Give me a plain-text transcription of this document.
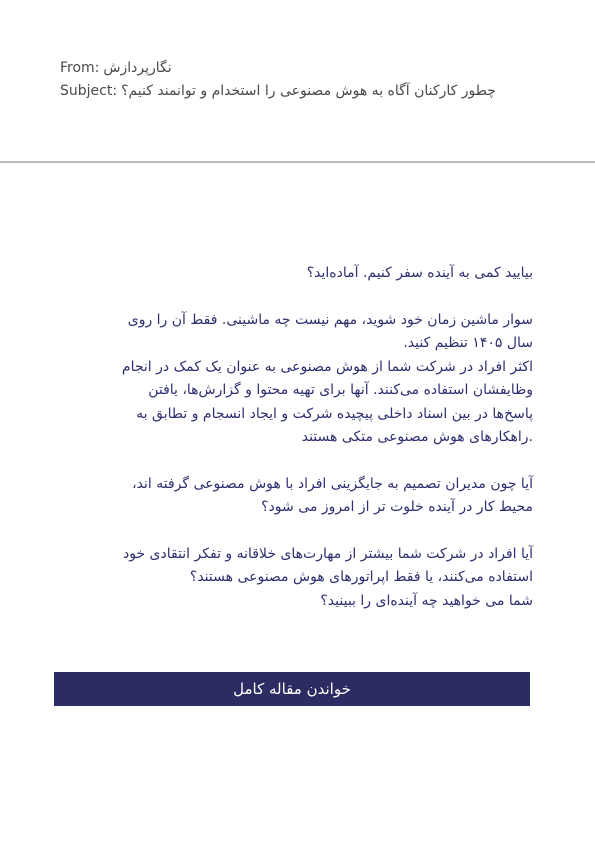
From: نگارپردازش
Subject: چطور کارکنان آگاه به هوش مصنوعی را استخدام و توانمند کنیم؟

بیایید کمی به آینده سفر کنیم. آماده‌اید؟

سوار ماشین زمان خود شوید، مهم نیست چه ماشینی. فقط آن را روی
سال ۱۴۰۵ تنظیم کنید.
اکثر افراد در شرکت شما از هوش مصنوعی به عنوان یک کمک در انجام
وظایفشان استفاده می‌کنند. آنها برای تهیه محتوا و گزارش‌ها، یافتن
پاسخ‌ها در بین اسناد داخلی پیچیده شرکت و ایجاد انسجام و تطابق به
.راهکارهای هوش مصنوعی متکی هستند

آیا چون مدیران تصمیم به جایگزینی افراد با هوش مصنوعی گرفته اند،
محیط کار در آینده خلوت تر از امروز می شود؟

آیا افراد در شرکت شما بیشتر از مهارت‌های خلاقانه و تفکر انتقادی خود
استفاده می‌کنند، یا فقط اپراتورهای هوش مصنوعی هستند؟
شما می خواهید چه آینده‌ای را ببینید؟

خواندن مقاله کامل
